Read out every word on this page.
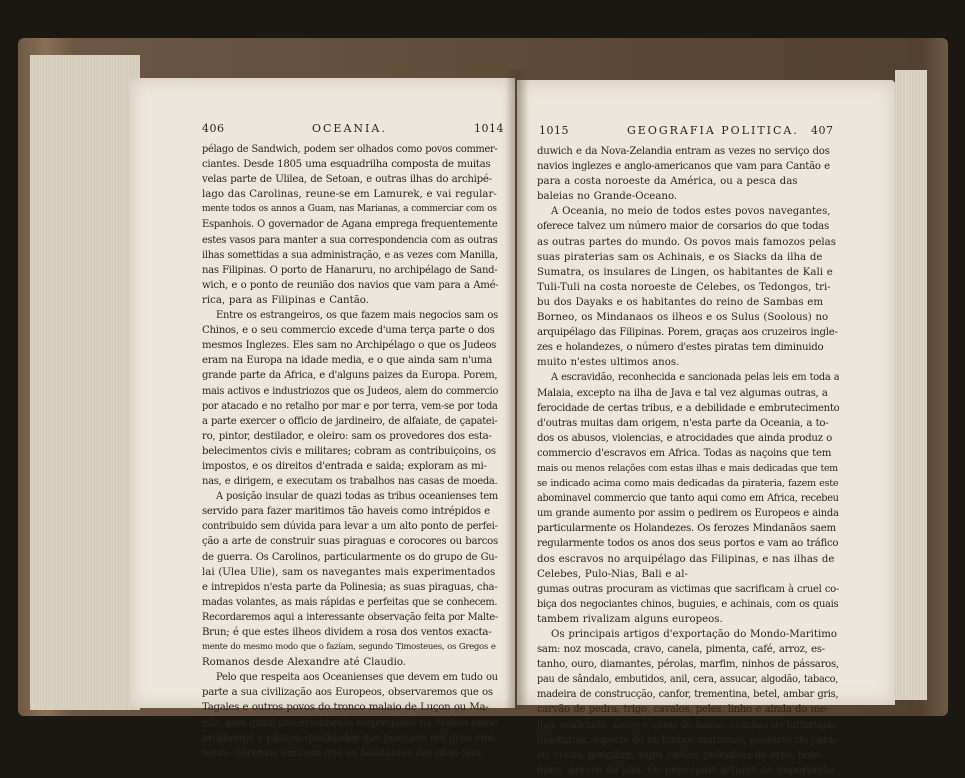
406	OCEANIA.	1014
pélago de Sandwich, podem ser olhados como povos commer-
ciantes. Desde 1805 uma esquadrilha composta de muitas
velas parte de Ulilea, de Setoan, e outras ilhas do archipé-
lago das Carolinas, reune-se em Lamurek, e vai regular-
mente todos os annos a Guam, nas Marianas, a commerciar com os
Espanhois. O governador de Agana emprega frequentemente
estes vasos para manter a sua correspondencia com as outras
ilhas somettidas a sua administração, e as vezes com Manilla,
nas Filipinas. O porto de Hanaruru, no archipélago de Sand-
wich, e o ponto de reunião dos navios que vam para a Amé-
rica, para as Filipinas e Cantão.
Entre os estrangeiros, os que fazem mais negocios sam os
Chinos, e o seu commercio excede d'uma terça parte o dos
mesmos Inglezes. Eles sam no Archipélago o que os Judeos
eram na Europa na idade media, e o que ainda sam n'uma
grande parte da Africa, e d'alguns paizes da Europa. Porem,
mais activos e industriozos que os Judeos, alem do commercio
por atacado e no retalho por mar e por terra, vem-se por toda
a parte exercer o officio de jardineiro, de alfaiate, de çapatei-
ro, pintor, destilador, e oleiro: sam os provedores dos esta-
belecimentos civis e militares; cobram as contribuiçoins, os
impostos, e os direitos d'entrada e saida; exploram as mi-
nas, e dirigem, e executam os trabalhos nas casas de moeda.
A posição insular de quazi todas as tribus oceanienses tem
servido para fazer maritimos tão haveis como intrépidos e
contribuido sem dúvida para levar a um alto ponto de perfei-
ção a arte de construir suas piraguas e corocores ou barcos
de guerra. Os Carolinos, particularmente os do grupo de Gu-
lai (Ulea Ulie), sam os navegantes mais experimentados
e intrepidos n'esta parte da Polinesia; as suas piraguas, cha-
madas volantes, as mais rápidas e perfeitas que se conhecem.
Recordaremos aqui a interessante observação feita por Malte-
Brun; é que estes ilheos dividem a rosa dos ventos exacta-
mente do mesmo modo que o fazíam, segundo Timosteues, os Gregos e
Romanos desde Alexandre até Claudio.
Pelo que respeita aos Oceanienses que devem em tudo ou
parte a sua civilização aos Europeos, observaremos que os
Tagales e outros povos do tronco malaio de Luçon ou Ma-
nila, sam quazi universalmente empregados na Malaia como
arcilheiros e pilotos, qualidades que possuem em grau emi-
nente. Diremos tambem que os habitantes das ilhas San-
1015	GEOGRAFIA POLITICA. 407
duwich e da Nova-Zelandia entram as vezes no serviço dos
navios inglezes e anglo-americanos que vam para Cantão e
para a costa noroeste da América, ou a pesca das
baleias no Grande-Oceano.
A Oceania, no meio de todos estes povos navegantes,
oferece talvez um número maior de corsarios do que todas
as outras partes do mundo. Os povos mais famozos pelas
suas piraterias sam os Achinais, e os Siacks da ilha de
Sumatra, os insulares de Lingen, os habitantes de Kali e
Tuli-Tuli na costa noroeste de Celebes, os Tedongos, tri-
bu dos Dayaks e os habitantes do reino de Sambas em
Borneo, os Mindanaos os ilheos e os Sulus (Soolous) no
arquipélago das Filipinas. Porem, graças aos cruzeiros ingle-
zes e holandezes, o número d'estes piratas tem diminuido
muito n'estes ultimos anos.
A escravidão, reconhecida e sancionada pelas leis em toda a
Malaia, excepto na ilha de Java e tal vez algumas outras, a
ferocidade de certas tribus, e a debilidade e embrutecimento
d'outras muitas dam origem, n'esta parte da Oceania, a to-
dos os abusos, violencias, e atrocidades que ainda produz o
commercio d'escravos em Africa. Todas as naçoins que tem
mais ou menos relações com estas ilhas e mais dedicadas que tem
se indicado acima como mais dedicadas da pirateria, fazem este
abominavel commercio que tanto aqui como em Africa, recebeu
um grande aumento por assim o pedirem os Europeos e ainda
particularmente os Holandezes. Os ferozes Mindanãos saem
regularmente todos os anos dos seus portos e vam ao tráfico
dos escravos no arquipélago das Filipinas, e nas ilhas de
Celebes, Pulo-Nias, Bali e al-
gumas outras procuram as victimas que sacrificam à cruel co-
biça dos negociantes chinos, buguies, e achinais, com os quais
tambem rivalizam alguns europeos.
Os principais artigos d'exportação do Mondo-Maritimo
sam: noz moscada, cravo, canela, pimenta, café, arroz, es-
tanho, ouro, diamantes, pérolas, marfim, ninhos de pássaros,
pau de sândalo, embutidos, anil, cera, assucar, algodão, tabaco,
madeira de construcção, canfor, trementina, betel, ambar gris,
carvão de pedra, trigo, cavalos, peles, linho e ainda do me-
lhor qualidade, azeite e varas de baleia, conchas de tartarugas,
holoturias, especie de bichinhos marinhos, pássaros do parai-
zo, cocos, gengibre, sagú, casias, palmilhas de arce, bam-
bues, árvore do pão. Os principais artigos de importação
